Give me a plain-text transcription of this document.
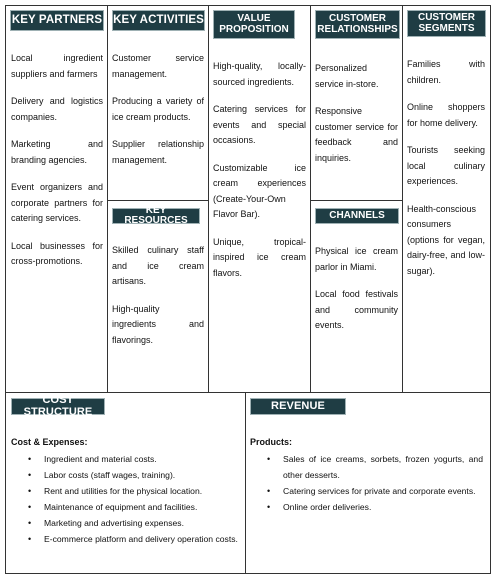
KEY PARTNERS

Local ingredient suppliers and farmers

Delivery and logistics companies.

Marketing and branding agencies.

Event organizers and corporate partners for catering services.

Local businesses for cross-promotions.

KEY ACTIVITIES

Customer service management.

Producing a variety of ice cream products.

Supplier relationship management.

KEY RESOURCES

Skilled culinary staff and ice cream artisans.

High-quality ingredients and flavorings.

VALUE
PROPOSITION

High-quality, locally-sourced ingredients.

Catering services for events and special occasions.

Customizable ice cream experiences (Create-Your-Own Flavor Bar).

Unique, tropical-inspired ice cream flavors.

CUSTOMER
RELATIONSHIPS

Personalized service in-store.

Responsive customer service for feedback and inquiries.

CHANNELS

Physical ice cream parlor in Miami.

Local food festivals and community events.

CUSTOMER
SEGMENTS

Families with children.

Online shoppers for home delivery.

Tourists seeking local culinary experiences.

Health-conscious consumers (options for vegan, dairy-free, and low-sugar).

COST STRUCTURE
Cost & Expenses:
• Ingredient and material costs.
• Labor costs (staff wages, training).
• Rent and utilities for the physical location.
• Maintenance of equipment and facilities.
• Marketing and advertising expenses.
• E-commerce platform and delivery operation costs.
REVENUE
Products:
• Sales of ice creams, sorbets, frozen yogurts, and other desserts.
• Catering services for private and corporate events.
• Online order deliveries.
